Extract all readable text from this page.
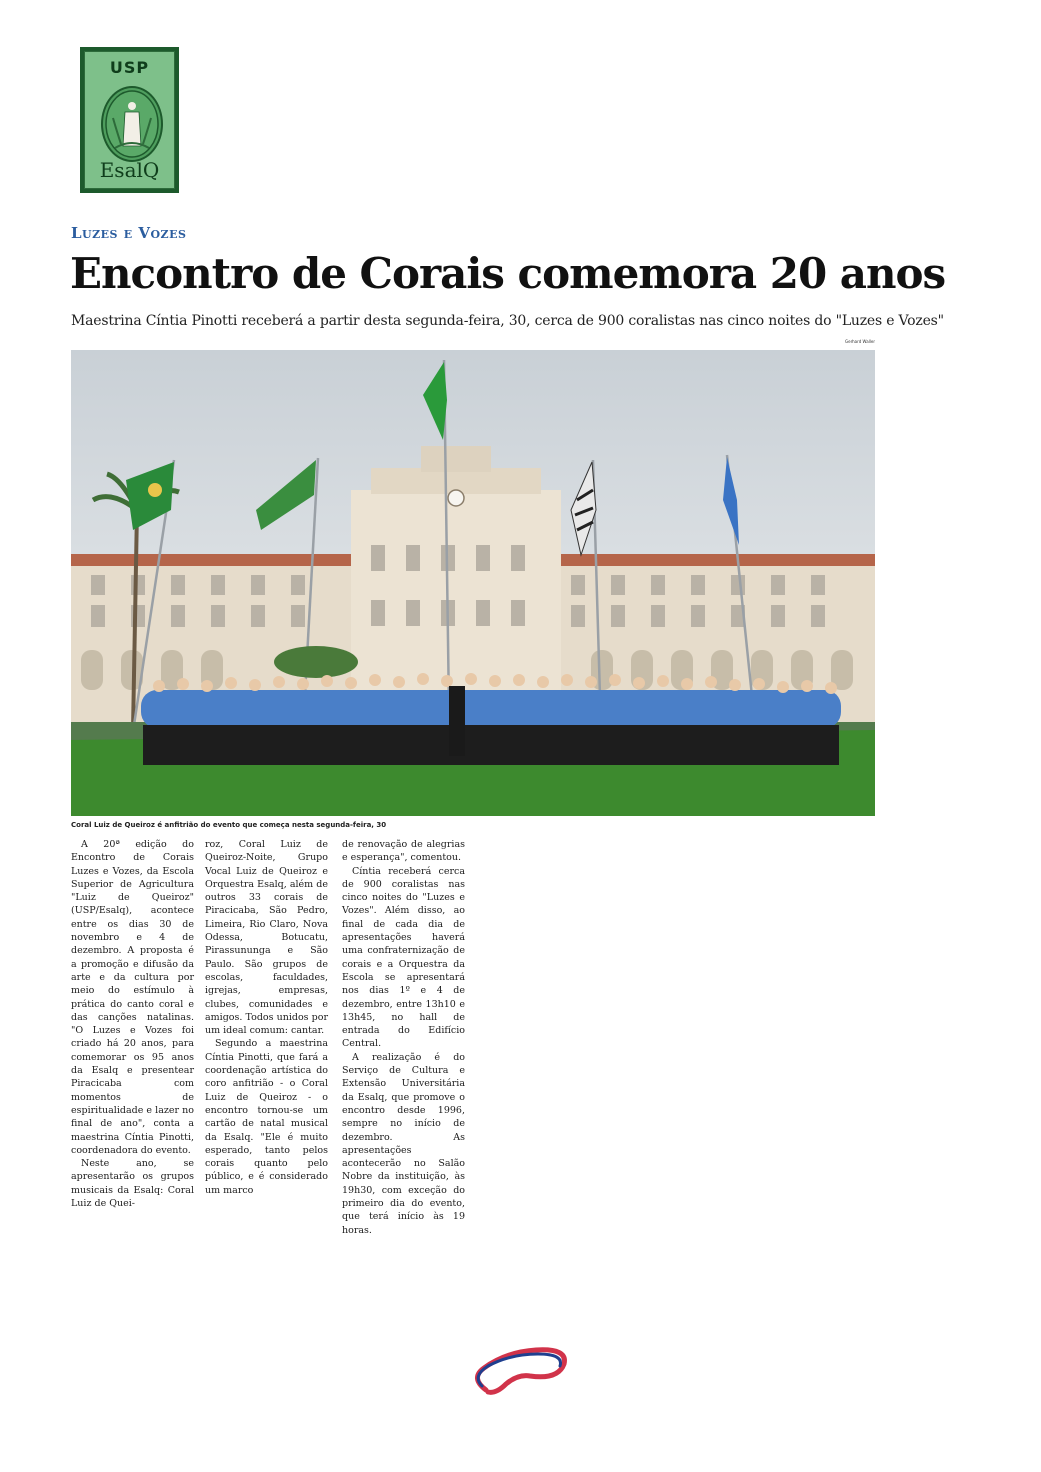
USP
EsalQ
Luzes e Vozes
Encontro de Corais comemora 20 anos
Maestrina Cíntia Pinotti receberá a partir desta segunda-feira, 30, cerca de 900 coralistas nas cinco noites do "Luzes e Vozes"
Gerhard Waller
Coral Luiz de Queiroz é anfitrião do evento que começa nesta segunda-feira, 30

A 20ª edição do Encontro de Corais Luzes e Vozes, da Escola Superior de Agricultura "Luiz de Queiroz" (USP/Esalq), acontece entre os dias 30 de novembro e 4 de dezembro. A proposta é a promoção e difusão da arte e da cultura por meio do estímulo à prática do canto coral e das canções natalinas. "O Luzes e Vozes foi criado há 20 anos, para comemorar os 95 anos da Esalq e presentear Piracicaba com momentos de espiritualidade e lazer no final de ano", conta a maestrina Cíntia Pinotti, coordenadora do evento.

Neste ano, se apresentarão os grupos musicais da Esalq: Coral Luiz de Quei-

roz, Coral Luiz de Queiroz-Noite, Grupo Vocal Luiz de Queiroz e Orquestra Esalq, além de outros 33 corais de Piracicaba, São Pedro, Limeira, Rio Claro, Nova Odessa, Botucatu, Pirassununga e São Paulo. São grupos de escolas, faculdades, igrejas, empresas, clubes, comunidades e amigos. Todos unidos por um ideal comum: cantar.

Segundo a maestrina Cíntia Pinotti, que fará a coordenação artística do coro anfitrião - o Coral Luiz de Queiroz - o encontro tornou-se um cartão de natal musical da Esalq. "Ele é muito esperado, tanto pelos corais quanto pelo público, e é considerado um marco

de renovação de alegrias e esperança", comentou.

Cíntia receberá cerca de 900 coralistas nas cinco noites do "Luzes e Vozes". Além disso, ao final de cada dia de apresentações haverá uma confraternização de corais e a Orquestra da Escola se apresentará nos dias 1º e 4 de dezembro, entre 13h10 e 13h45, no hall de entrada do Edifício Central.

A realização é do Serviço de Cultura e Extensão Universitária da Esalq, que promove o encontro desde 1996, sempre no início de dezembro. As apresentações acontecerão no Salão Nobre da instituição, às 19h30, com exceção do primeiro dia do evento, que terá início às 19 horas.
